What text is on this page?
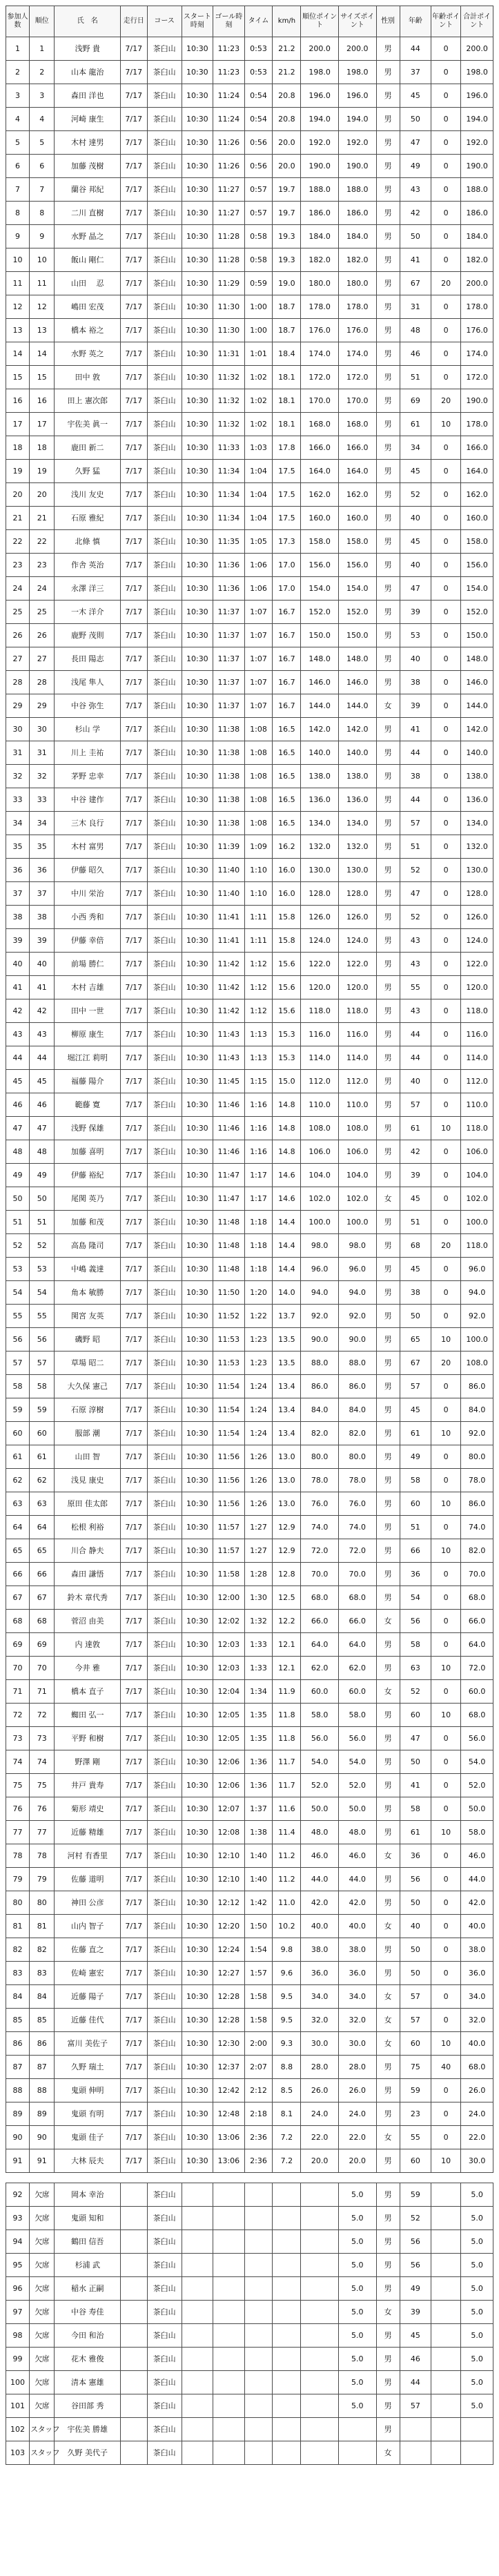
参加人数	順位	氏　名	走行日	コース	スタート時刻	ゴール時刻	タイム	km/h	順位ポイント	サイズポイント	性別	年齢	年齢ポイント	合計ポイント
1	1	浅野 貴	7/17	茶臼山	10:30	11:23	0:53	21.2	200.0	200.0	男	44	0	200.0
2	2	山本 龍治	7/17	茶臼山	10:30	11:23	0:53	21.2	198.0	198.0	男	37	0	198.0
3	3	森田 洋也	7/17	茶臼山	10:30	11:24	0:54	20.8	196.0	196.0	男	45	0	196.0
4	4	河崎 康生	7/17	茶臼山	10:30	11:24	0:54	20.8	194.0	194.0	男	50	0	194.0
5	5	木村 達男	7/17	茶臼山	10:30	11:26	0:56	20.0	192.0	192.0	男	47	0	192.0
6	6	加藤 茂樹	7/17	茶臼山	10:30	11:26	0:56	20.0	190.0	190.0	男	49	0	190.0
7	7	蘭谷 邦紀	7/17	茶臼山	10:30	11:27	0:57	19.7	188.0	188.0	男	43	0	188.0
8	8	二川 直樹	7/17	茶臼山	10:30	11:27	0:57	19.7	186.0	186.0	男	42	0	186.0
9	9	水野 晶之	7/17	茶臼山	10:30	11:28	0:58	19.3	184.0	184.0	男	50	0	184.0
10	10	飯山 剛仁	7/17	茶臼山	10:30	11:28	0:58	19.3	182.0	182.0	男	41	0	182.0
11	11	山田 　忍	7/17	茶臼山	10:30	11:29	0:59	19.0	180.0	180.0	男	67	20	200.0
12	12	嶋田 宏茂	7/17	茶臼山	10:30	11:30	1:00	18.7	178.0	178.0	男	31	0	178.0
13	13	橋本 裕之	7/17	茶臼山	10:30	11:30	1:00	18.7	176.0	176.0	男	48	0	176.0
14	14	水野 英之	7/17	茶臼山	10:30	11:31	1:01	18.4	174.0	174.0	男	46	0	174.0
15	15	田中 敦	7/17	茶臼山	10:30	11:32	1:02	18.1	172.0	172.0	男	51	0	172.0
16	16	田上 憲次郎	7/17	茶臼山	10:30	11:32	1:02	18.1	170.0	170.0	男	69	20	190.0
17	17	宇佐美 眞一	7/17	茶臼山	10:30	11:32	1:02	18.1	168.0	168.0	男	61	10	178.0
18	18	鹿田 新二	7/17	茶臼山	10:30	11:33	1:03	17.8	166.0	166.0	男	34	0	166.0
19	19	久野 猛	7/17	茶臼山	10:30	11:34	1:04	17.5	164.0	164.0	男	45	0	164.0
20	20	浅川 友史	7/17	茶臼山	10:30	11:34	1:04	17.5	162.0	162.0	男	52	0	162.0
21	21	石原 雅紀	7/17	茶臼山	10:30	11:34	1:04	17.5	160.0	160.0	男	40	0	160.0
22	22	北條 慎	7/17	茶臼山	10:30	11:35	1:05	17.3	158.0	158.0	男	45	0	158.0
23	23	作舎 英治	7/17	茶臼山	10:30	11:36	1:06	17.0	156.0	156.0	男	40	0	156.0
24	24	永澤 洋三	7/17	茶臼山	10:30	11:36	1:06	17.0	154.0	154.0	男	47	0	154.0
25	25	一木 洋介	7/17	茶臼山	10:30	11:37	1:07	16.7	152.0	152.0	男	39	0	152.0
26	26	鹿野 茂則	7/17	茶臼山	10:30	11:37	1:07	16.7	150.0	150.0	男	53	0	150.0
27	27	長田 陽志	7/17	茶臼山	10:30	11:37	1:07	16.7	148.0	148.0	男	40	0	148.0
28	28	浅尾 隼人	7/17	茶臼山	10:30	11:37	1:07	16.7	146.0	146.0	男	38	0	146.0
29	29	中谷 弥生	7/17	茶臼山	10:30	11:37	1:07	16.7	144.0	144.0	女	39	0	144.0
30	30	杉山 学	7/17	茶臼山	10:30	11:38	1:08	16.5	142.0	142.0	男	41	0	142.0
31	31	川上 圭祐	7/17	茶臼山	10:30	11:38	1:08	16.5	140.0	140.0	男	44	0	140.0
32	32	茅野 忠幸	7/17	茶臼山	10:30	11:38	1:08	16.5	138.0	138.0	男	38	0	138.0
33	33	中谷 建作	7/17	茶臼山	10:30	11:38	1:08	16.5	136.0	136.0	男	44	0	136.0
34	34	三木 良行	7/17	茶臼山	10:30	11:38	1:08	16.5	134.0	134.0	男	57	0	134.0
35	35	木村 富男	7/17	茶臼山	10:30	11:39	1:09	16.2	132.0	132.0	男	51	0	132.0
36	36	伊藤 昭久	7/17	茶臼山	10:30	11:40	1:10	16.0	130.0	130.0	男	52	0	130.0
37	37	中川 栄治	7/17	茶臼山	10:30	11:40	1:10	16.0	128.0	128.0	男	47	0	128.0
38	38	小西 秀和	7/17	茶臼山	10:30	11:41	1:11	15.8	126.0	126.0	男	52	0	126.0
39	39	伊藤 幸倍	7/17	茶臼山	10:30	11:41	1:11	15.8	124.0	124.0	男	43	0	124.0
40	40	前場 勝仁	7/17	茶臼山	10:30	11:42	1:12	15.6	122.0	122.0	男	43	0	122.0
41	41	木村 吉雄	7/17	茶臼山	10:30	11:42	1:12	15.6	120.0	120.0	男	55	0	120.0
42	42	田中 一世	7/17	茶臼山	10:30	11:42	1:12	15.6	118.0	118.0	男	43	0	118.0
43	43	柳原 康生	7/17	茶臼山	10:30	11:43	1:13	15.3	116.0	116.0	男	44	0	116.0
44	44	堀江江 莉明	7/17	茶臼山	10:30	11:43	1:13	15.3	114.0	114.0	男	44	0	114.0
45	45	福藤 陽介	7/17	茶臼山	10:30	11:45	1:15	15.0	112.0	112.0	男	40	0	112.0
46	46	範藤 寛	7/17	茶臼山	10:30	11:46	1:16	14.8	110.0	110.0	男	57	0	110.0
47	47	浅野 保雄	7/17	茶臼山	10:30	11:46	1:16	14.8	108.0	108.0	男	61	10	118.0
48	48	加藤 喜明	7/17	茶臼山	10:30	11:46	1:16	14.8	106.0	106.0	男	42	0	106.0
49	49	伊藤 裕紀	7/17	茶臼山	10:30	11:47	1:17	14.6	104.0	104.0	男	39	0	104.0
50	50	尾関 英乃	7/17	茶臼山	10:30	11:47	1:17	14.6	102.0	102.0	女	45	0	102.0
51	51	加藤 和茂	7/17	茶臼山	10:30	11:48	1:18	14.4	100.0	100.0	男	51	0	100.0
52	52	高島 隆司	7/17	茶臼山	10:30	11:48	1:18	14.4	98.0	98.0	男	68	20	118.0
53	53	中嶋 義達	7/17	茶臼山	10:30	11:48	1:18	14.4	96.0	96.0	男	45	0	96.0
54	54	角本 敏勝	7/17	茶臼山	10:30	11:50	1:20	14.0	94.0	94.0	男	38	0	94.0
55	55	関宮 友英	7/17	茶臼山	10:30	11:52	1:22	13.7	92.0	92.0	男	50	0	92.0
56	56	磯野 昭	7/17	茶臼山	10:30	11:53	1:23	13.5	90.0	90.0	男	65	10	100.0
57	57	草場 昭二	7/17	茶臼山	10:30	11:53	1:23	13.5	88.0	88.0	男	67	20	108.0
58	58	大久保 憲己	7/17	茶臼山	10:30	11:54	1:24	13.4	86.0	86.0	男	57	0	86.0
59	59	石原 淳樹	7/17	茶臼山	10:30	11:54	1:24	13.4	84.0	84.0	男	45	0	84.0
60	60	服部 潮	7/17	茶臼山	10:30	11:54	1:24	13.4	82.0	82.0	男	61	10	92.0
61	61	山田 智	7/17	茶臼山	10:30	11:56	1:26	13.0	80.0	80.0	男	49	0	80.0
62	62	浅見 康史	7/17	茶臼山	10:30	11:56	1:26	13.0	78.0	78.0	男	58	0	78.0
63	63	原田 佳太郎	7/17	茶臼山	10:30	11:56	1:26	13.0	76.0	76.0	男	60	10	86.0
64	64	松根 利裕	7/17	茶臼山	10:30	11:57	1:27	12.9	74.0	74.0	男	51	0	74.0
65	65	川合 静夫	7/17	茶臼山	10:30	11:57	1:27	12.9	72.0	72.0	男	66	10	82.0
66	66	森田 謙悟	7/17	茶臼山	10:30	11:58	1:28	12.8	70.0	70.0	男	36	0	70.0
67	67	鈴木 章代秀	7/17	茶臼山	10:30	12:00	1:30	12.5	68.0	68.0	男	54	0	68.0
68	68	菅沼 由美	7/17	茶臼山	10:30	12:02	1:32	12.2	66.0	66.0	女	56	0	66.0
69	69	内 達敦	7/17	茶臼山	10:30	12:03	1:33	12.1	64.0	64.0	男	58	0	64.0
70	70	今井 雅	7/17	茶臼山	10:30	12:03	1:33	12.1	62.0	62.0	男	63	10	72.0
71	71	橋本 直子	7/17	茶臼山	10:30	12:04	1:34	11.9	60.0	60.0	女	52	0	60.0
72	72	蜘田 弘一	7/17	茶臼山	10:30	12:05	1:35	11.8	58.0	58.0	男	60	10	68.0
73	73	平野 和樹	7/17	茶臼山	10:30	12:05	1:35	11.8	56.0	56.0	男	47	0	56.0
74	74	野澤 剛	7/17	茶臼山	10:30	12:06	1:36	11.7	54.0	54.0	男	50	0	54.0
75	75	井戸 貴寿	7/17	茶臼山	10:30	12:06	1:36	11.7	52.0	52.0	男	41	0	52.0
76	76	菊形 靖史	7/17	茶臼山	10:30	12:07	1:37	11.6	50.0	50.0	男	58	0	50.0
77	77	近藤 精雄	7/17	茶臼山	10:30	12:08	1:38	11.4	48.0	48.0	男	61	10	58.0
78	78	河村 有香里	7/17	茶臼山	10:30	12:10	1:40	11.2	46.0	46.0	女	36	0	46.0
79	79	佐藤 道明	7/17	茶臼山	10:30	12:10	1:40	11.2	44.0	44.0	男	56	0	44.0
80	80	神田 公彦	7/17	茶臼山	10:30	12:12	1:42	11.0	42.0	42.0	男	50	0	42.0
81	81	山内 智子	7/17	茶臼山	10:30	12:20	1:50	10.2	40.0	40.0	女	40	0	40.0
82	82	佐藤 直之	7/17	茶臼山	10:30	12:24	1:54	9.8	38.0	38.0	男	50	0	38.0
83	83	佐崎 憲宏	7/17	茶臼山	10:30	12:27	1:57	9.6	36.0	36.0	男	50	0	36.0
84	84	近藤 陽子	7/17	茶臼山	10:30	12:28	1:58	9.5	34.0	34.0	女	57	0	34.0
85	85	近藤 佳代	7/17	茶臼山	10:30	12:28	1:58	9.5	32.0	32.0	女	57	0	32.0
86	86	富川 美佐子	7/17	茶臼山	10:30	12:30	2:00	9.3	30.0	30.0	女	60	10	40.0
87	87	久野 瑞土	7/17	茶臼山	10:30	12:37	2:07	8.8	28.0	28.0	男	75	40	68.0
88	88	鬼頭 伸明	7/17	茶臼山	10:30	12:42	2:12	8.5	26.0	26.0	男	59	0	26.0
89	89	鬼頭 有明	7/17	茶臼山	10:30	12:48	2:18	8.1	24.0	24.0	男	23	0	24.0
90	90	鬼頭 佳子	7/17	茶臼山	10:30	13:06	2:36	7.2	22.0	22.0	女	55	0	22.0
91	91	大林 辰夫	7/17	茶臼山	10:30	13:06	2:36	7.2	20.0	20.0	男	60	10	30.0

92	欠席	岡本 幸治		茶臼山						5.0	男	59		5.0
93	欠席	鬼頭 知和		茶臼山						5.0	男	52		5.0
94	欠席	鶴田 信吾		茶臼山						5.0	男	56		5.0
95	欠席	杉浦 武		茶臼山						5.0	男	56		5.0
96	欠席	稲水 正嗣		茶臼山						5.0	男	49		5.0
97	欠席	中谷 寿佳		茶臼山						5.0	女	39		5.0
98	欠席	今田 和治		茶臼山						5.0	男	45		5.0
99	欠席	花木 雅俊		茶臼山						5.0	男	46		5.0
100	欠席	清本 憲雄		茶臼山						5.0	男	44		5.0
101	欠席	谷田部 秀		茶臼山						5.0	男	57		5.0
102	スタッフ	宇佐美 勝雄		茶臼山							男			
103	スタッフ	久野 美代子		茶臼山							女			
